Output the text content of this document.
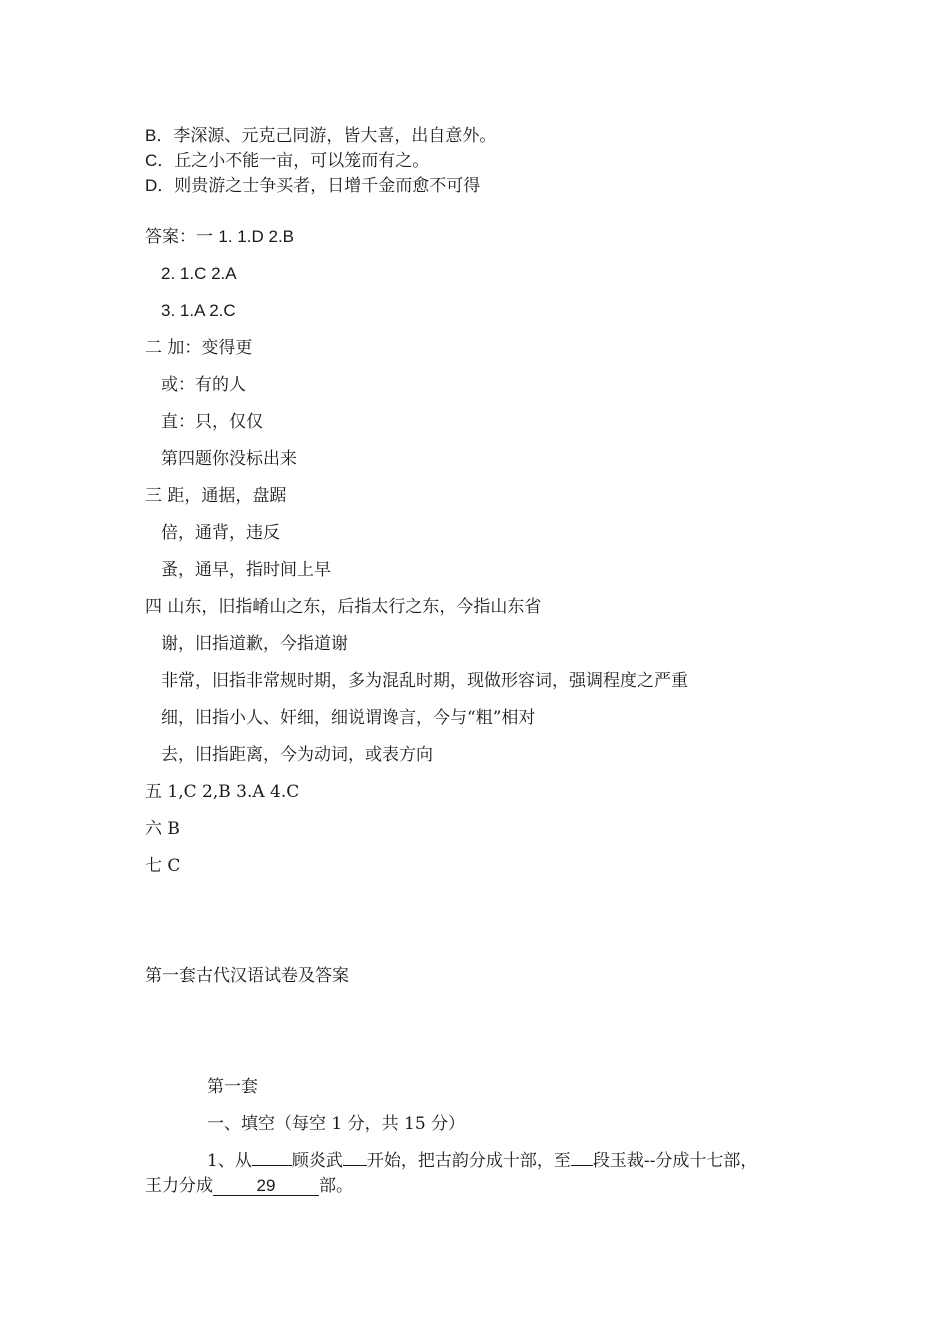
B．李深源、元克己同游，皆大喜，出自意外。
C．丘之小不能一亩，可以笼而有之。
D．则贵游之士争买者，日增千金而愈不可得
答案：一 1. 1.D 2.B
2. 1.C 2.A
3. 1.A 2.C
二 加：变得更
或：有的人
直：只，仅仅
第四题你没标出来
三 距，通据，盘踞
倍，通背，违反
蚤，通早，指时间上早
四 山东，旧指崤山之东，后指太行之东，今指山东省
谢，旧指道歉，今指道谢
非常，旧指非常规时期，多为混乱时期，现做形容词，强调程度之严重
细，旧指小人、奸细，细说谓谗言，今与“粗”相对
去，旧指距离，今为动词，或表方向
五 1,C 2,B 3.A 4.C
六 B
七 C
第一套古代汉语试卷及答案
第一套
一、填空（每空 1 分，共 15 分）
1、从 顾炎武 开始，把古韵分成十部，至 段玉裁--分成十七部，
王力分成	29	部。
